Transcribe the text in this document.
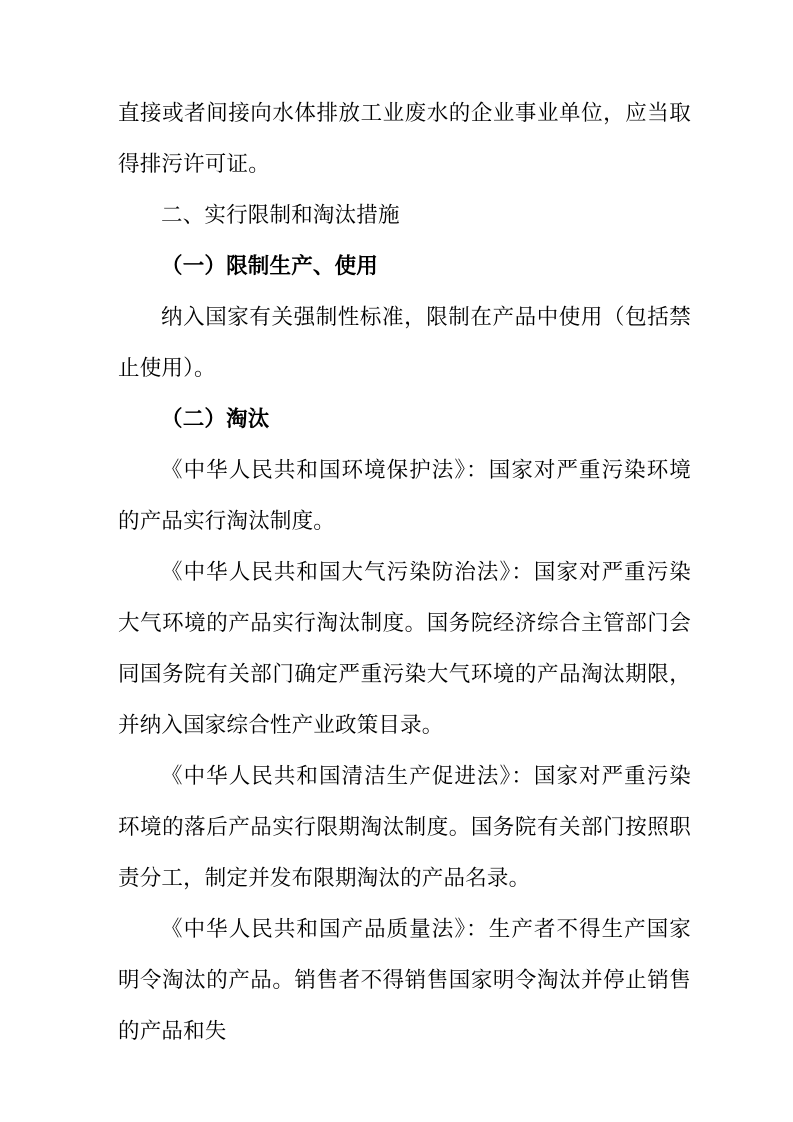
直接或者间接向水体排放工业废水的企业事业单位，应当取得排污许可证。

二、实行限制和淘汰措施

（一）限制生产、使用

纳入国家有关强制性标准，限制在产品中使用（包括禁止使用）。

（二）淘汰

《中华人民共和国环境保护法》：国家对严重污染环境的产品实行淘汰制度。

《中华人民共和国大气污染防治法》：国家对严重污染大气环境的产品实行淘汰制度。国务院经济综合主管部门会同国务院有关部门确定严重污染大气环境的产品淘汰期限，并纳入国家综合性产业政策目录。

《中华人民共和国清洁生产促进法》：国家对严重污染环境的落后产品实行限期淘汰制度。国务院有关部门按照职责分工，制定并发布限期淘汰的产品名录。

《中华人民共和国产品质量法》：生产者不得生产国家明令淘汰的产品。销售者不得销售国家明令淘汰并停止销售的产品和失
